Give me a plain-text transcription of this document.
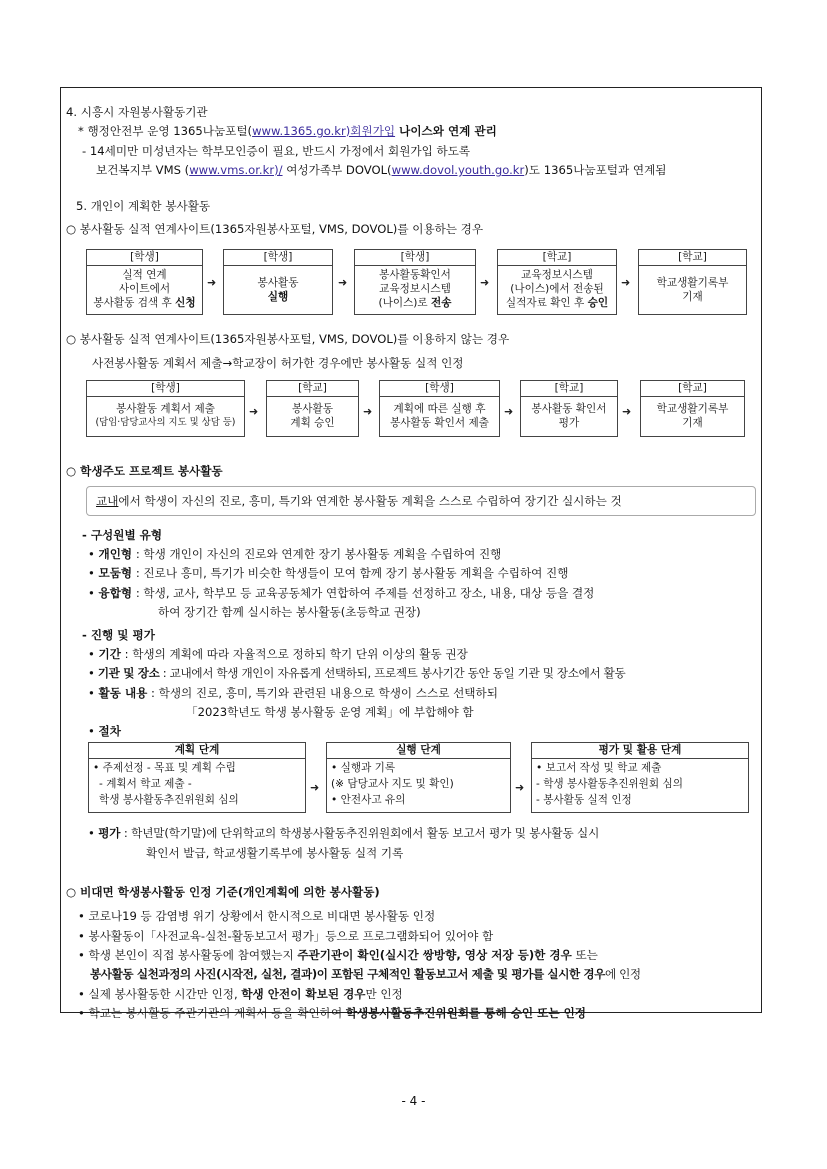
4. 시흥시 자원봉사활동기관
* 행정안전부 운영 1365나눔포털(www.1365.go.kr)회원가입 나이스와 연계 관리
- 14세미만 미성년자는 학부모인증이 필요, 반드시 가정에서 회원가입 하도록
보건복지부 VMS (www.vms.or.kr)/ 여성가족부 DOVOL(www.dovol.youth.go.kr)도 1365나눔포털과 연계됨
5. 개인이 계획한 봉사활동
○ 봉사활동 실적 연계사이트(1365자원봉사포털, VMS, DOVOL)를 이용하는 경우
[학생]
실적 연계
사이트에서
봉사활동 검색 후 신청
➜
[학생]
봉사활동
실행
➜
[학생]
봉사활동확인서
교육정보시스템
(나이스)로 전송
➜
[학교]
교육정보시스템
(나이스)에서 전송된
실적자료 확인 후 승인
➜
[학교]
학교생활기록부
기재
○ 봉사활동 실적 연계사이트(1365자원봉사포털, VMS, DOVOL)를 이용하지 않는 경우
사전봉사활동 계획서 제출→학교장이 허가한 경우에만 봉사활동 실적 인정
[학생]
봉사활동 계획서 제출
(담임·담당교사의 지도 및 상담 등)
➜
[학교]
봉사활동
계획 승인
➜
[학생]
계획에 따른 실행 후
봉사활동 확인서 제출
➜
[학교]
봉사활동 확인서
평가
➜
[학교]
학교생활기록부
기재
○ 학생주도 프로젝트 봉사활동
교내에서 학생이 자신의 진로, 흥미, 특기와 연계한 봉사활동 계획을 스스로 수립하여 장기간 실시하는 것
- 구성원별 유형
• 개인형 : 학생 개인이 자신의 진로와 연계한 장기 봉사활동 계획을 수립하여 진행
• 모둠형 : 진로나 흥미, 특기가 비슷한 학생들이 모여 함께 장기 봉사활동 계획을 수립하여 진행
• 융합형 : 학생, 교사, 학부모 등 교육공동체가 연합하여 주제를 선정하고 장소, 내용, 대상 등을 결정
하여 장기간 함께 실시하는 봉사활동(초등학교 권장)
- 진행 및 평가
• 기간 : 학생의 계획에 따라 자율적으로 정하되 학기 단위 이상의 활동 권장
• 기관 및 장소 : 교내에서 학생 개인이 자유롭게 선택하되, 프로젝트 봉사기간 동안 동일 기관 및 장소에서 활동
• 활동 내용 : 학생의 진로, 흥미, 특기와 관련된 내용으로 학생이 스스로 선택하되
「2023학년도 학생 봉사활동 운영 계획」에 부합해야 함
• 절차
계획 단계
• 주제선정 - 목표 및 계획 수립
- 계획서 학교 제출 -
학생 봉사활동추진위원회 심의
➜
실행 단계
• 실행과 기록
(※ 담당교사 지도 및 확인)
• 안전사고 유의
➜
평가 및 활용 단계
• 보고서 작성 및 학교 제출
- 학생 봉사활동추진위원회 심의
- 봉사활동 실적 인정
• 평가 : 학년말(학기말)에 단위학교의 학생봉사활동추진위원회에서 활동 보고서 평가 및 봉사활동 실시
확인서 발급, 학교생활기록부에 봉사활동 실적 기록
○ 비대면 학생봉사활동 인정 기준(개인계획에 의한 봉사활동)
• 코로나19 등 감염병 위기 상황에서 한시적으로 비대면 봉사활동 인정
• 봉사활동이「사전교육-실천-활동보고서 평가」등으로 프로그램화되어 있어야 함
• 학생 본인이 직접 봉사활동에 참여했는지 주관기관이 확인(실시간 쌍방향, 영상 저장 등)한 경우 또는
봉사활동 실천과정의 사진(시작전, 실천, 결과)이 포함된 구체적인 활동보고서 제출 및 평가를 실시한 경우에 인정
• 실제 봉사활동한 시간만 인정, 학생 안전이 확보된 경우만 인정
• 학교는 봉사활동 주관기관의 계획서 등을 확인하여 학생봉사활동추진위원회를 통해 승인 또는 인정
- 4 -
